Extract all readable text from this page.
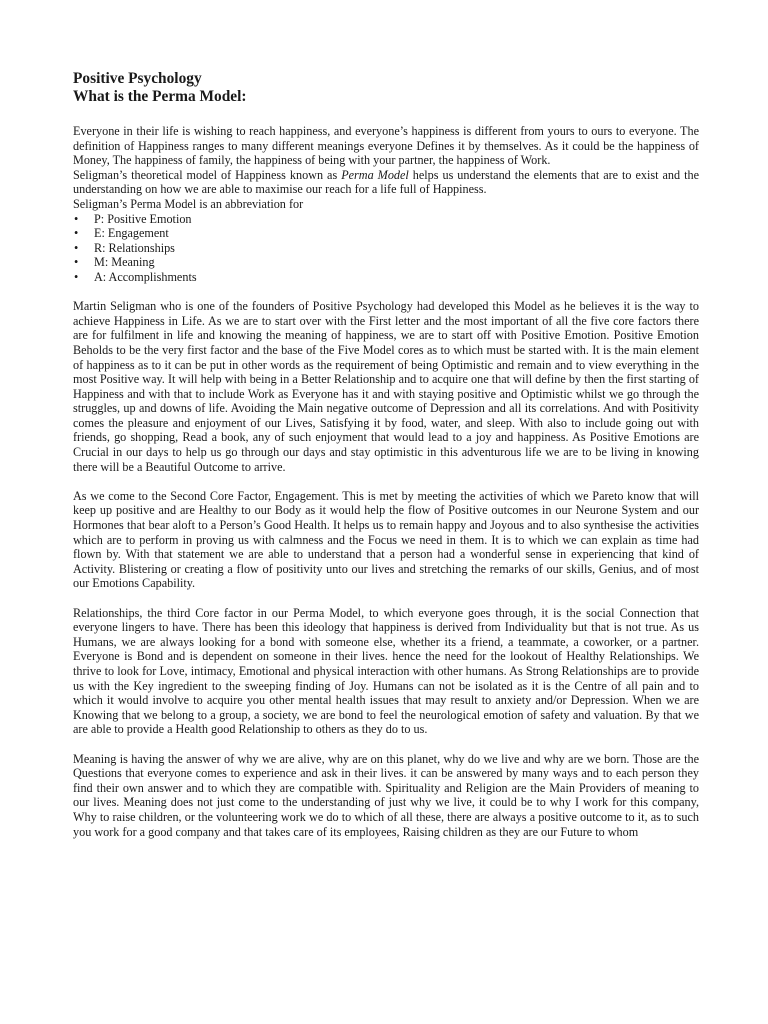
Positive Psychology
What is the Perma Model:

Everyone in their life is wishing to reach happiness, and everyone’s happiness is different from yours to ours to everyone. The definition of Happiness ranges to many different meanings everyone Defines it by themselves. As it could be the happiness of Money, The happiness of family, the happiness of being with your partner, the happiness of Work.

Seligman’s theoretical model of Happiness known as Perma Model helps us understand the elements that are to exist and the understanding on how we are able to maximise our reach for a life full of Happiness.

Seligman’s Perma Model is an abbreviation for

• P: Positive Emotion
• E: Engagement
• R: Relationships
• M: Meaning
• A: Accomplishments

Martin Seligman who is one of the founders of Positive Psychology had developed this Model as he believes it is the way to achieve Happiness in Life. As we are to start over with the First letter and the most important of all the five core factors there are for fulfilment in life and knowing the meaning of happiness, we are to start off with Positive Emotion. Positive Emotion Beholds to be the very first factor and the base of the Five Model cores as to which must be started with. It is the main element of happiness as to it can be put in other words as the requirement of being Optimistic and remain and to view everything in the most Positive way. It will help with being in a Better Relationship and to acquire one that will define by then the first starting of Happiness and with that to include Work as Everyone has it and with staying positive and Optimistic whilst we go through the struggles, up and downs of life. Avoiding the Main negative outcome of Depression and all its correlations. And with Positivity comes the pleasure and enjoyment of our Lives, Satisfying it by food, water, and sleep. With also to include going out with friends, go shopping, Read a book, any of such enjoyment that would lead to a joy and happiness. As Positive Emotions are Crucial in our days to help us go through our days and stay optimistic in this adventurous life we are to be living in knowing there will be a Beautiful Outcome to arrive.

As we come to the Second Core Factor, Engagement. This is met by meeting the activities of which we Pareto know that will keep up positive and are Healthy to our Body as it would help the flow of Positive outcomes in our Neurone System and our Hormones that bear aloft to a Person’s Good Health. It helps us to remain happy and Joyous and to also synthesise the activities which are to perform in proving us with calmness and the Focus we need in them. It is to which we can explain as time had flown by. With that statement we are able to understand that a person had a wonderful sense in experiencing that kind of Activity. Blistering or creating a flow of positivity unto our lives and stretching the remarks of our skills, Genius, and of most our Emotions Capability.

Relationships, the third Core factor in our Perma Model, to which everyone goes through, it is the social Connection that everyone lingers to have. There has been this ideology that happiness is derived from Individuality but that is not true. As us Humans, we are always looking for a bond with someone else, whether its a friend, a teammate, a coworker, or a partner. Everyone is Bond and is dependent on someone in their lives. hence the need for the lookout of Healthy Relationships. We thrive to look for Love, intimacy, Emotional and physical interaction with other humans. As Strong Relationships are to provide us with the Key ingredient to the sweeping finding of Joy. Humans can not be isolated as it is the Centre of all pain and to which it would involve to acquire you other mental health issues that may result to anxiety and/or Depression. When we are Knowing that we belong to a group, a society, we are bond to feel the neurological emotion of safety and valuation. By that we are able to provide a Health good Relationship to others as they do to us.

Meaning is having the answer of why we are alive, why are on this planet, why do we live and why are we born. Those are the Questions that everyone comes to experience and ask in their lives. it can be answered by many ways and to each person they find their own answer and to which they are compatible with. Spirituality and Religion are the Main Providers of meaning to our lives. Meaning does not just come to the understanding of just why we live, it could be to why I work for this company, Why to raise children, or the volunteering work we do to which of all these, there are always a positive outcome to it, as to such you work for a good company and that takes care of its employees, Raising children as they are our Future to whom
